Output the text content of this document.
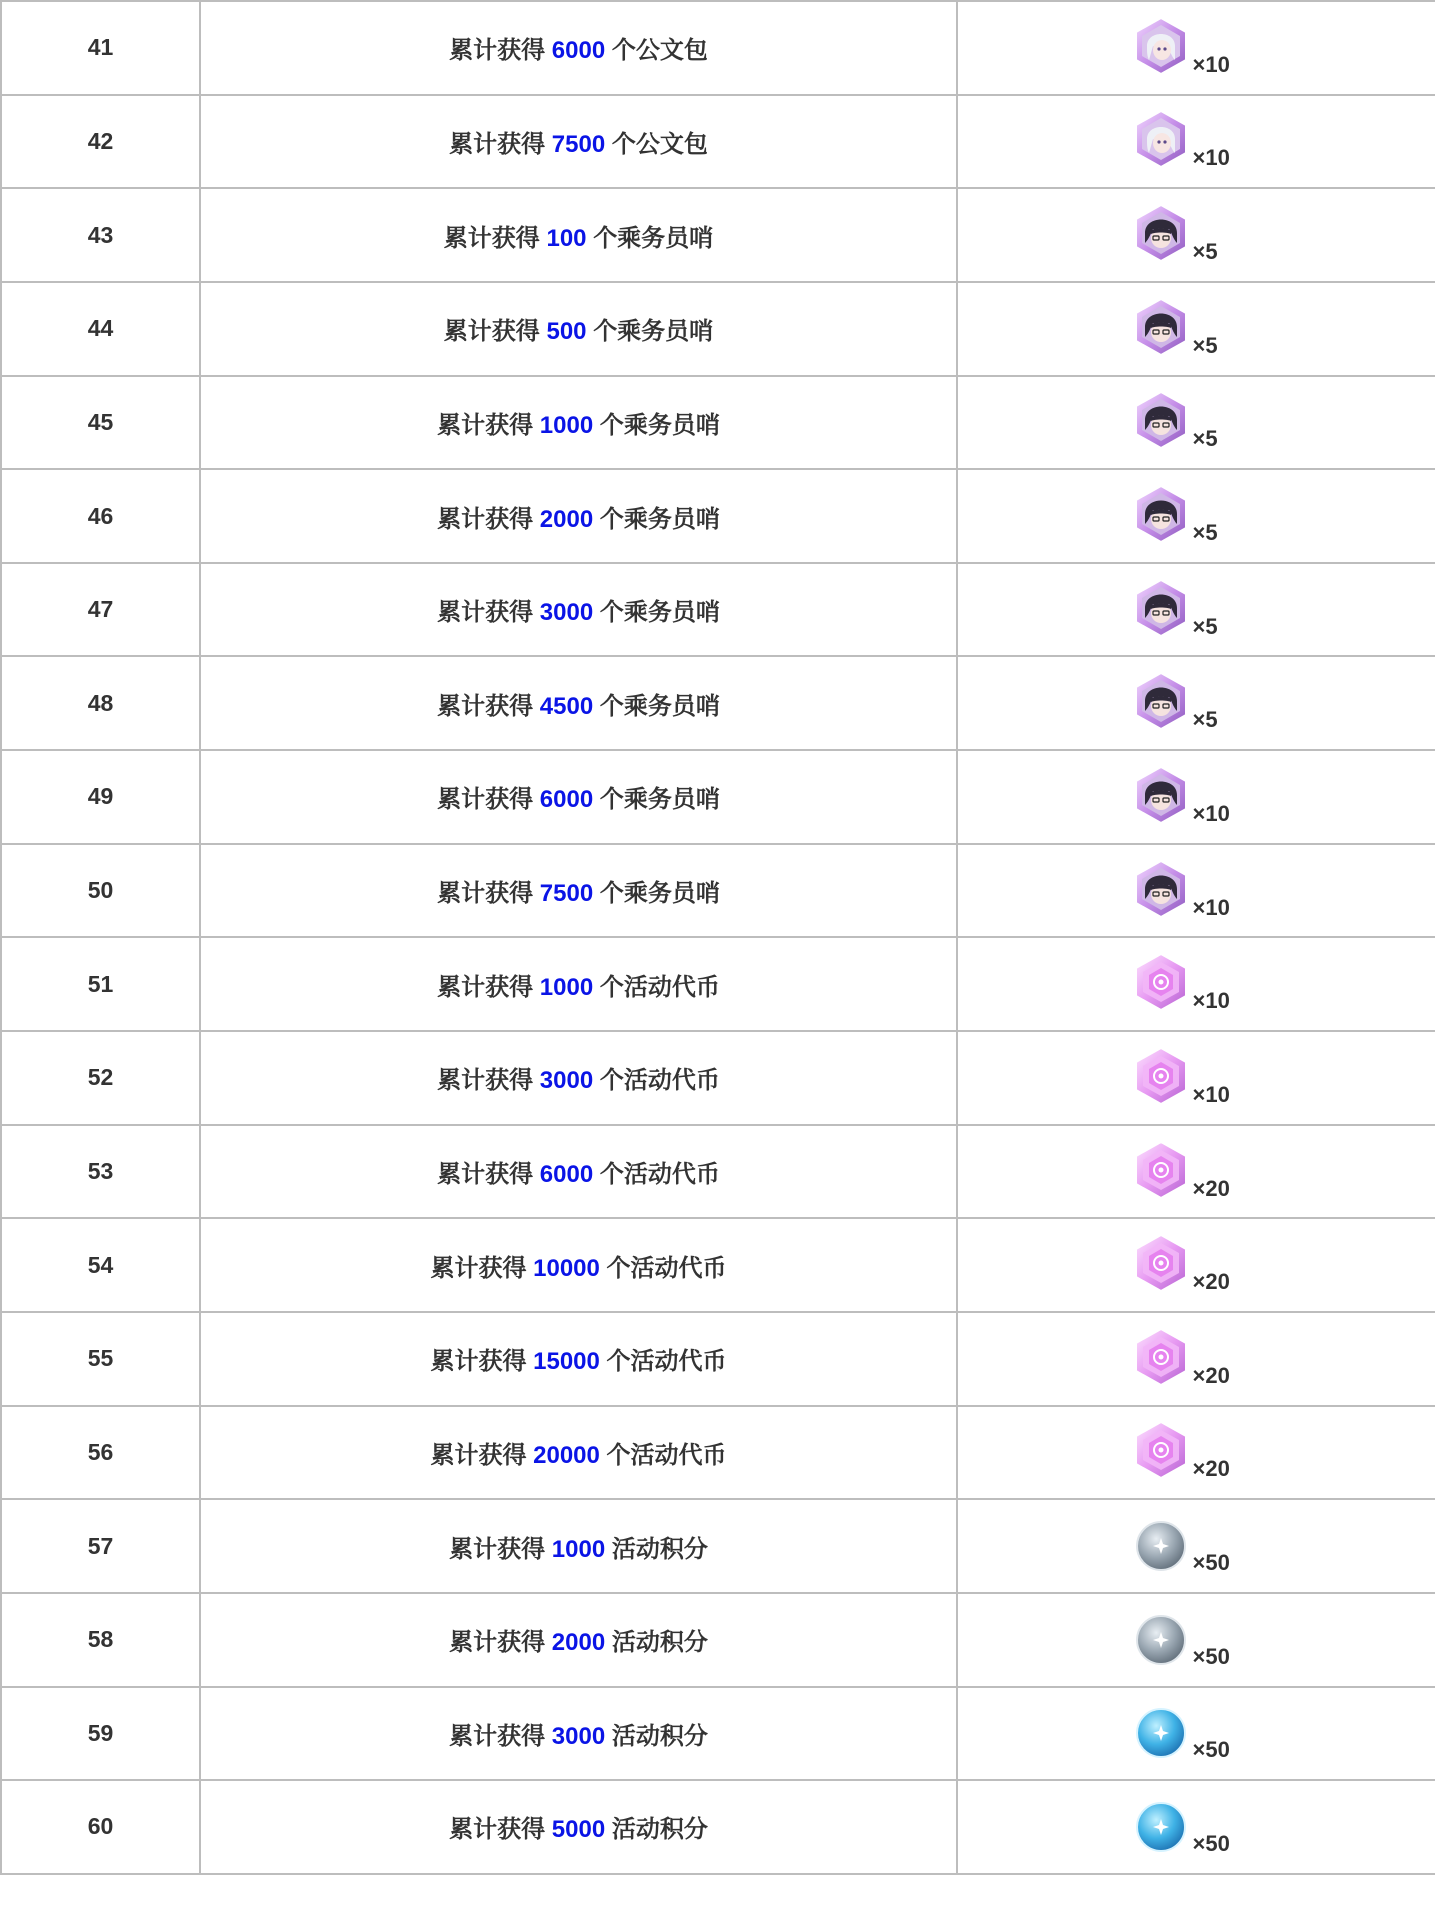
41	累计获得 6000 个公文包	×10

42	累计获得 7500 个公文包	×10

43	累计获得 100 个乘务员哨	×5

44	累计获得 500 个乘务员哨	×5

45	累计获得 1000 个乘务员哨	×5

46	累计获得 2000 个乘务员哨	×5

47	累计获得 3000 个乘务员哨	×5

48	累计获得 4500 个乘务员哨	×5

49	累计获得 6000 个乘务员哨	×10

50	累计获得 7500 个乘务员哨	×10

51	累计获得 1000 个活动代币	×10

52	累计获得 3000 个活动代币	×10

53	累计获得 6000 个活动代币	×20

54	累计获得 10000 个活动代币	×20

55	累计获得 15000 个活动代币	×20

56	累计获得 20000 个活动代币	×20

57	累计获得 1000 活动积分	×50

58	累计获得 2000 活动积分	×50

59	累计获得 3000 活动积分	×50

60	累计获得 5000 活动积分	×50
